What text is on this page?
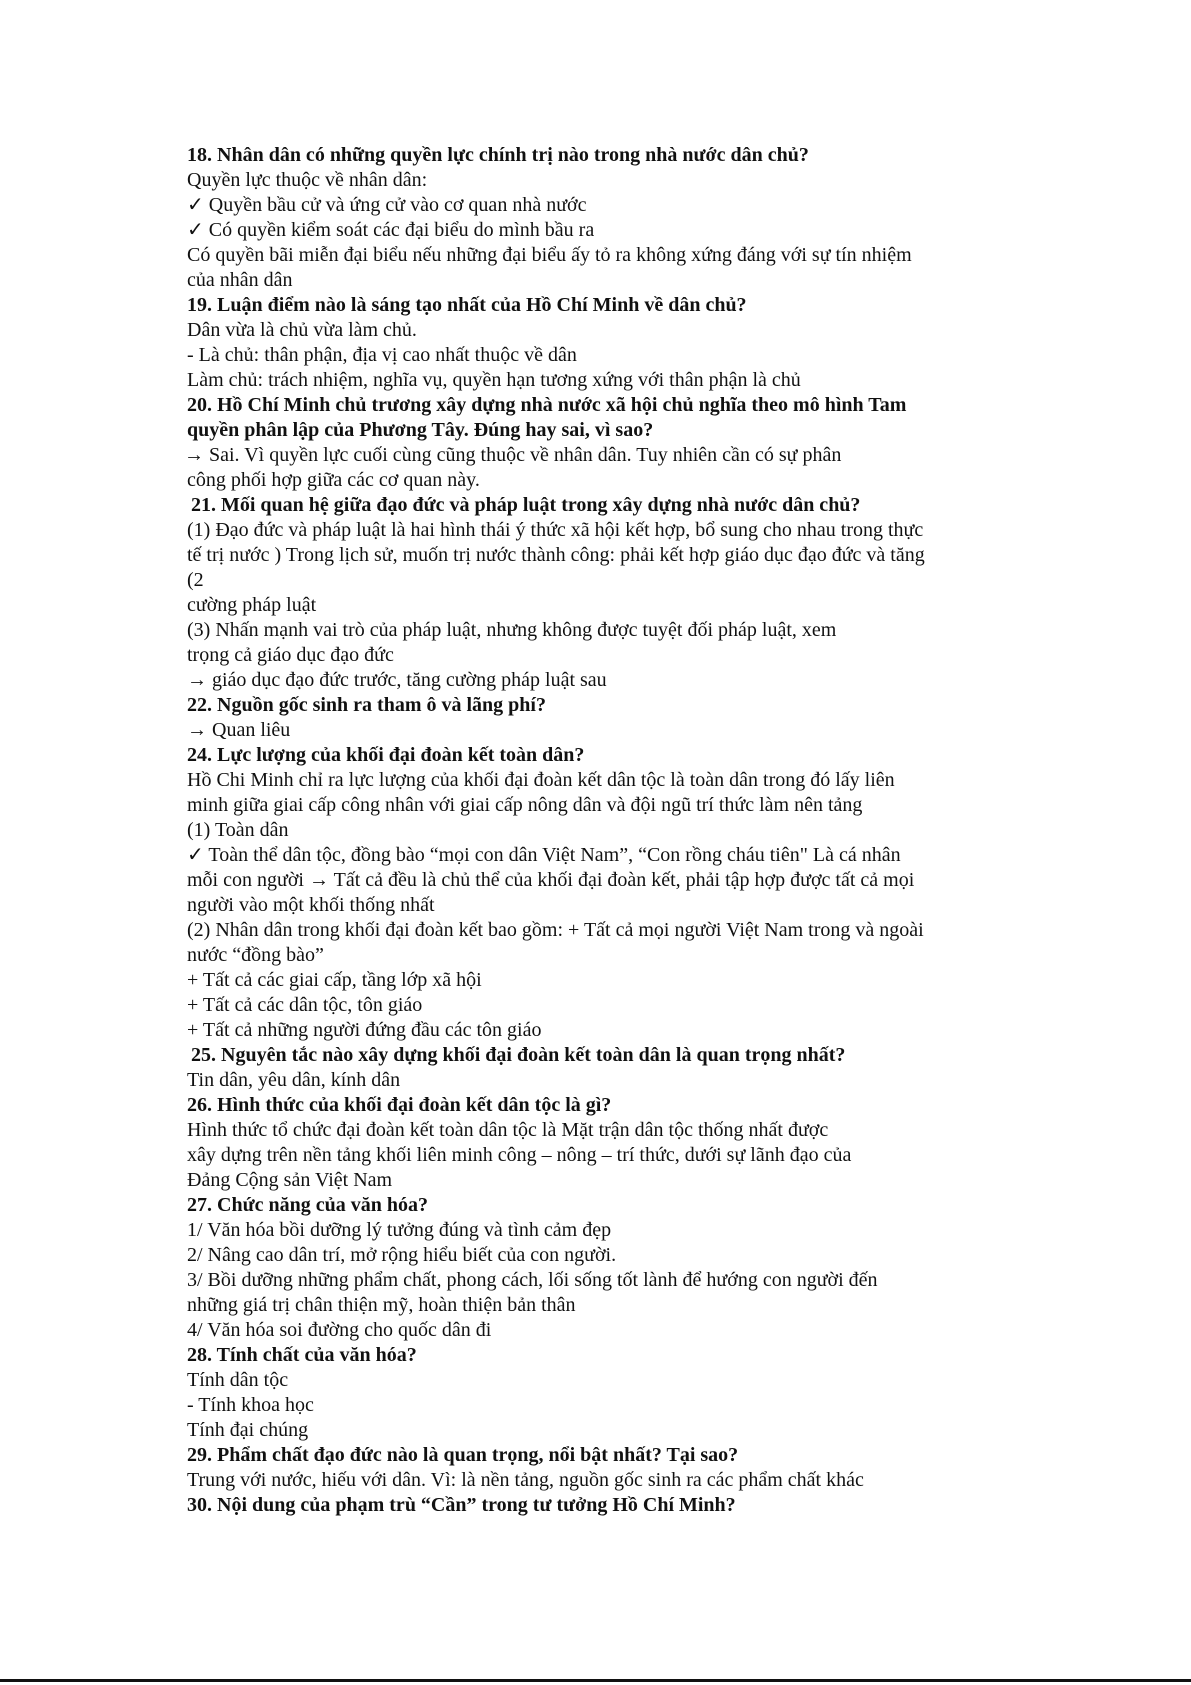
18. Nhân dân có những quyền lực chính trị nào trong nhà nước dân chủ?
Quyền lực thuộc về nhân dân:
✓ Quyền bầu cử và ứng cử vào cơ quan nhà nước
✓ Có quyền kiểm soát các đại biểu do mình bầu ra
Có quyền bãi miễn đại biểu nếu những đại biểu ấy tỏ ra không xứng đáng với sự tín nhiệm
của nhân dân
19. Luận điểm nào là sáng tạo nhất của Hồ Chí Minh về dân chủ?
Dân vừa là chủ vừa làm chủ.
- Là chủ: thân phận, địa vị cao nhất thuộc về dân
Làm chủ: trách nhiệm, nghĩa vụ, quyền hạn tương xứng với thân phận là chủ
20. Hồ Chí Minh chủ trương xây dựng nhà nước xã hội chủ nghĩa theo mô hình Tam
quyền phân lập của Phương Tây. Đúng hay sai, vì sao?
→ Sai. Vì quyền lực cuối cùng cũng thuộc về nhân dân. Tuy nhiên cần có sự phân
công phối hợp giữa các cơ quan này.
21. Mối quan hệ giữa đạo đức và pháp luật trong xây dựng nhà nước dân chủ?
(1) Đạo đức và pháp luật là hai hình thái ý thức xã hội kết hợp, bổ sung cho nhau trong thực
tế trị nước ) Trong lịch sử, muốn trị nước thành công: phải kết hợp giáo dục đạo đức và tăng
(2
cường pháp luật
(3) Nhấn mạnh vai trò của pháp luật, nhưng không được tuyệt đối pháp luật, xem
trọng cả giáo dục đạo đức
→ giáo dục đạo đức trước, tăng cường pháp luật sau
22. Nguồn gốc sinh ra tham ô và lãng phí?
→ Quan liêu
24. Lực lượng của khối đại đoàn kết toàn dân?
Hồ Chi Minh chỉ ra lực lượng của khối đại đoàn kết dân tộc là toàn dân trong đó lấy liên
minh giữa giai cấp công nhân với giai cấp nông dân và đội ngũ trí thức làm nên tảng
(1) Toàn dân
✓ Toàn thể dân tộc, đồng bào “mọi con dân Việt Nam”, “Con rồng cháu tiên" Là cá nhân
mỗi con người → Tất cả đều là chủ thể của khối đại đoàn kết, phải tập hợp được tất cả mọi
người vào một khối thống nhất
(2) Nhân dân trong khối đại đoàn kết bao gồm: + Tất cả mọi người Việt Nam trong và ngoài
nước “đồng bào”
+ Tất cả các giai cấp, tầng lớp xã hội
+ Tất cả các dân tộc, tôn giáo
+ Tất cả những người đứng đầu các tôn giáo
25. Nguyên tắc nào xây dựng khối đại đoàn kết toàn dân là quan trọng nhất?
Tin dân, yêu dân, kính dân
26. Hình thức của khối đại đoàn kết dân tộc là gì?
Hình thức tổ chức đại đoàn kết toàn dân tộc là Mặt trận dân tộc thống nhất được
xây dựng trên nền tảng khối liên minh công – nông – trí thức, dưới sự lãnh đạo của
Đảng Cộng sản Việt Nam
27. Chức năng của văn hóa?
1/ Văn hóa bồi dưỡng lý tưởng đúng và tình cảm đẹp
2/ Nâng cao dân trí, mở rộng hiểu biết của con người.
3/ Bồi dưỡng những phẩm chất, phong cách, lối sống tốt lành để hướng con người đến
những giá trị chân thiện mỹ, hoàn thiện bản thân
4/ Văn hóa soi đường cho quốc dân đi
28. Tính chất của văn hóa?
Tính dân tộc
- Tính khoa học
Tính đại chúng
29. Phẩm chất đạo đức nào là quan trọng, nổi bật nhất? Tại sao?
Trung với nước, hiếu với dân. Vì: là nền tảng, nguồn gốc sinh ra các phẩm chất khác
30. Nội dung của phạm trù “Cần” trong tư tưởng Hồ Chí Minh?
